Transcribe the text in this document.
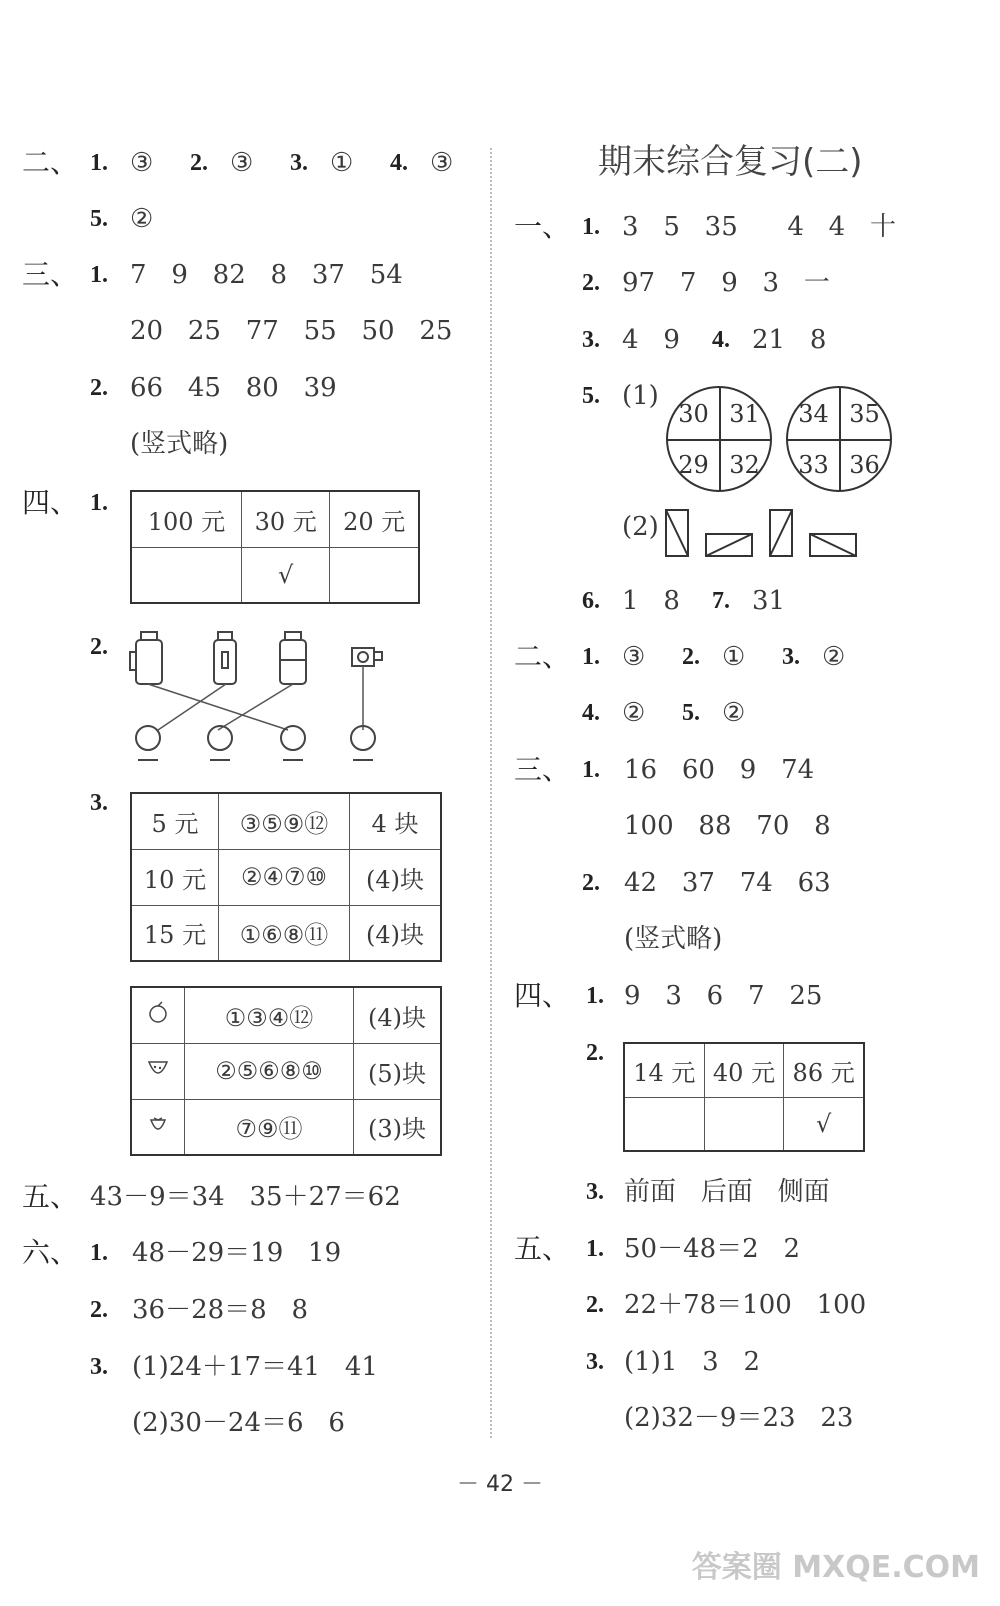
二、 1. ③ 2. ③ 3. ① 4. ③
5. ②
三、 1. 7   9   82   8   37   54
20   25   77   55   50   25
2. 66   45   80   39
(竖式略)
四、 1.
100 元	30 元	20 元
	√	
2.
3.
5 元	③⑤⑨⑫	4 块
10 元	②④⑦⑩	(4)块
15 元	①⑥⑧⑪	(4)块
	①③④⑫	(4)块
	②⑤⑥⑧⑩	(5)块
	⑦⑨⑪	(3)块
五、 43－9＝34   35＋27＝62
六、 1. 48－29＝19   19
2. 36－28＝8   8
3. (1)24＋17＝41   41
(2)30－24＝6   6
期末综合复习(二)
一、 1. 3   5   35      4   4   十
2. 97   7   9   3   一
3. 4   9 4. 21   8
5. (1)
30 31
29 32
34 35
33 36
(2)
6. 1   8 7. 31
二、 1. ③ 2. ① 3. ②
4. ② 5. ②
三、 1. 16   60   9   74
100   88   70   8
2. 42   37   74   63
(竖式略)
四、 1. 9   3   6   7   25
2.
14 元	40 元	86 元
		√
3. 前面   后面   侧面
五、 1. 50－48＝2   2
2. 22＋78＝100   100
3. (1)1   3   2
(2)32－9＝23   23
－ 42 －
答案圈 MXQE.COM
